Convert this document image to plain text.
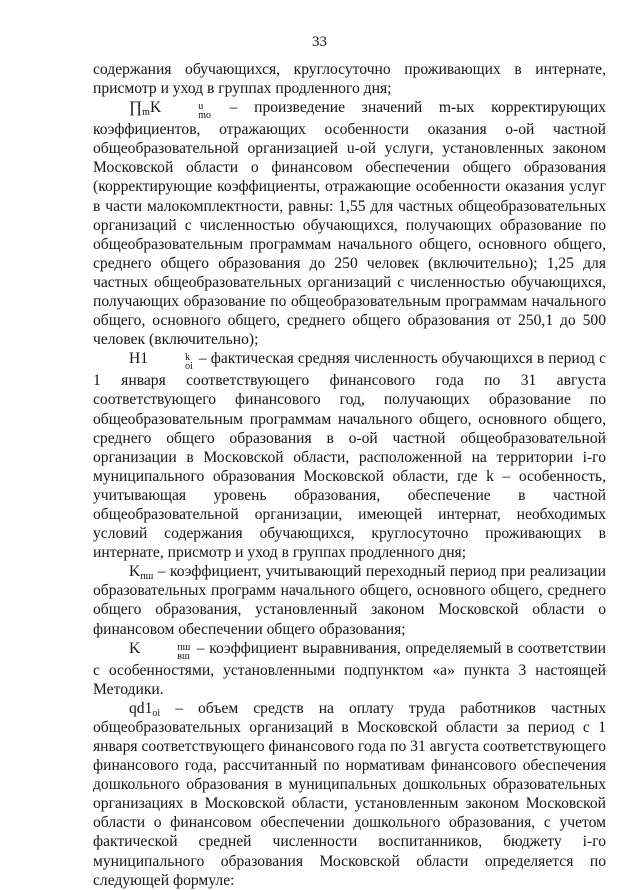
33

содержания обучающихся, круглосуточно проживающих в интернате, присмотр и уход в группах продленного дня;

$\prod_mK$	u
mo – произведение значений m-ых корректирующих коэффициентов, отражающих особенности оказания o-ой частной общеобразовательной организацией u-ой услуги, установленных законом Московской области о финансовом обеспечении общего образования (корректирующие коэффициенты, отражающие особенности оказания услуг в части малокомплектности, равны: 1,55 для частных общеобразовательных организаций с численностью обучающихся, получающих образование по общеобразовательным программам начального общего, основного общего, среднего общего образования до 250 человек (включительно); 1,25 для частных общеобразовательных организаций с численностью обучающихся, получающих образование по общеобразовательным программам начального общего, основного общего, среднего общего образования от 250,1 до 500 человек (включительно);

H1	k
oi – фактическая средняя численность обучающихся в период с 1 января соответствующего финансового года по 31 августа соответствующего финансового год, получающих образование по общеобразовательным программам начального общего, основного общего, среднего общего образования в o-ой частной общеобразовательной организации в Московской области, расположенной на территории i-го муниципального образования Московской области, где k – особенность, учитывающая уровень образования, обеспечение в частной общеобразовательной организации, имеющей интернат, необходимых условий содержания обучающихся, круглосуточно проживающих в интернате, присмотр и уход в группах продленного дня;

$K_{пш}$ – коэффициент, учитывающий переходный период при реализации образовательных программ начального общего, основного общего, среднего общего образования, установленный законом Московской области о финансовом обеспечении общего образования;

K	пш
вш – коэффициент выравнивания, определяемый в соответствии с особенностями, установленными подпунктом «а» пункта 3 настоящей Методики.

$qd1_{oi}$ – объем средств на оплату труда работников частных общеобразовательных организаций в Московской области за период с 1 января соответствующего финансового года по 31 августа соответствующего финансового года, рассчитанный по нормативам финансового обеспечения дошкольного образования в муниципальных дошкольных образовательных организациях в Московской области, установленным законом Московской области о финансовом обеспечении дошкольного образования, с учетом фактической средней численности воспитанников, бюджету i-го муниципального образования Московской области определяется по следующей формуле:
